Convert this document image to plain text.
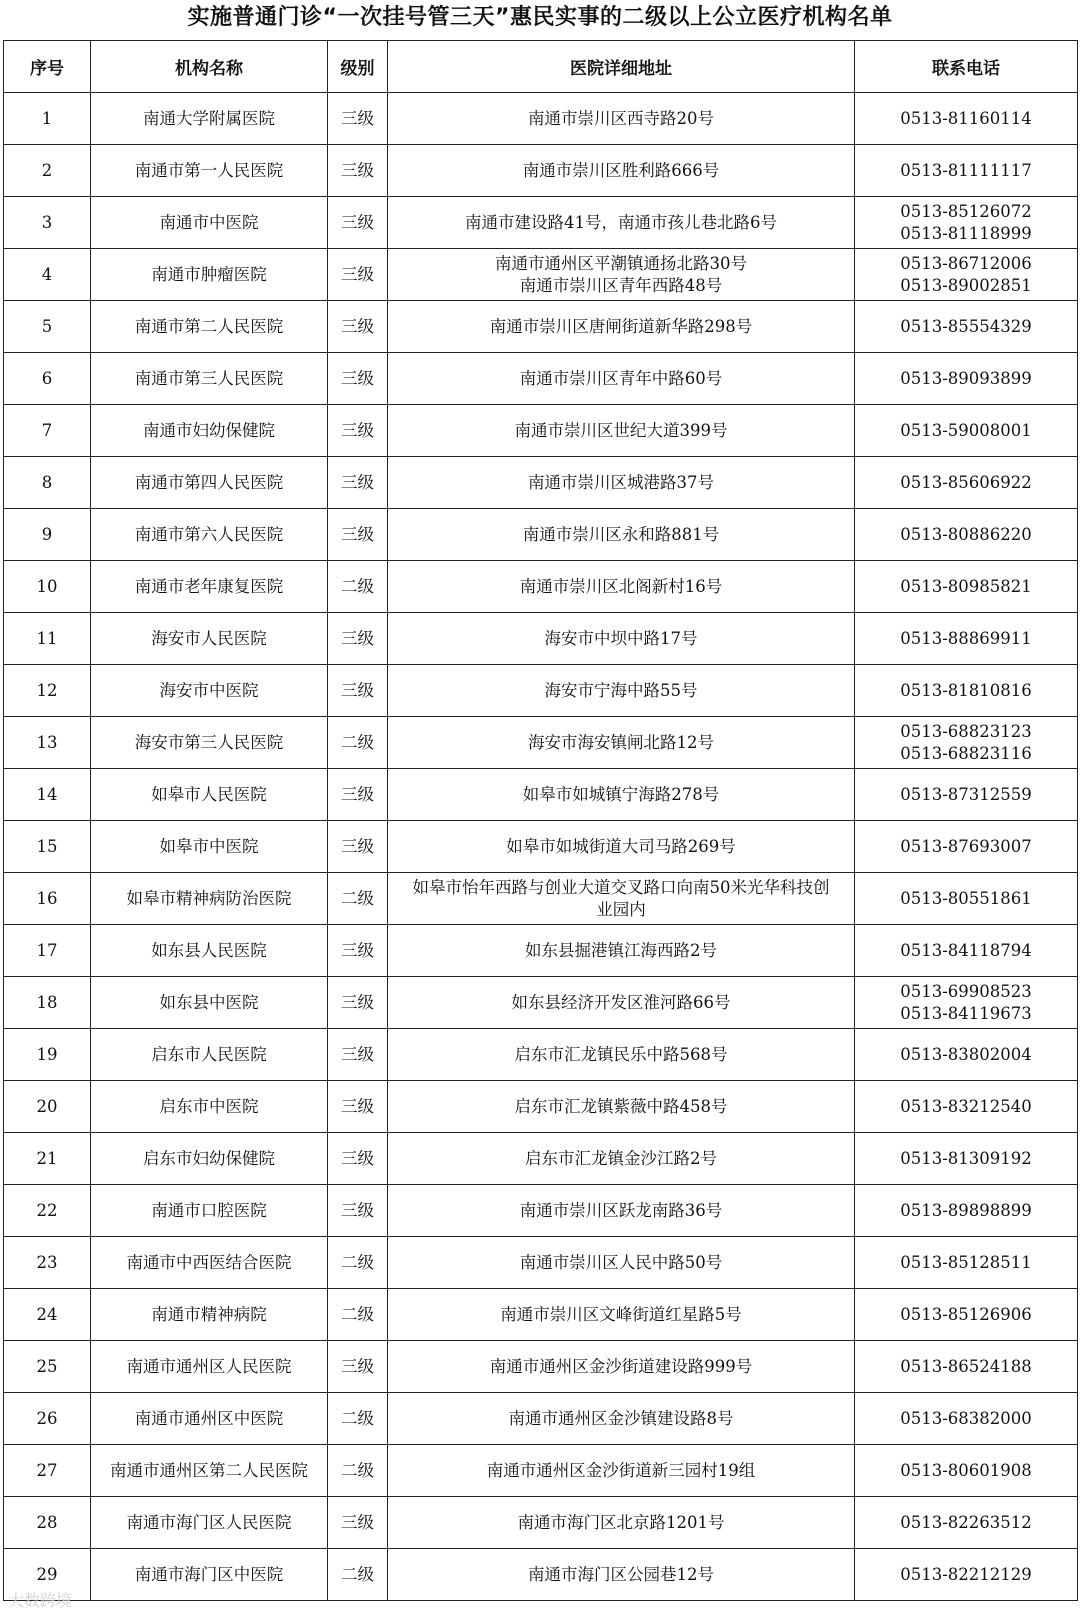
实施普通门诊“一次挂号管三天”惠民实事的二级以上公立医疗机构名单
序号	机构名称	级别	医院详细地址	联系电话
1	南通大学附属医院	三级	南通市崇川区西寺路20号	0513-81160114

2	南通市第一人民医院	三级	南通市崇川区胜利路666号	0513-81111117

3	南通市中医院	三级	南通市建设路41号，南通市孩儿巷北路6号	0513-85126072
0513-81118999

4	南通市肿瘤医院	三级	南通市通州区平潮镇通扬北路30号
南通市崇川区青年西路48号	0513-86712006
0513-89002851

5	南通市第二人民医院	三级	南通市崇川区唐闸街道新华路298号	0513-85554329

6	南通市第三人民医院	三级	南通市崇川区青年中路60号	0513-89093899

7	南通市妇幼保健院	三级	南通市崇川区世纪大道399号	0513-59008001

8	南通市第四人民医院	三级	南通市崇川区城港路37号	0513-85606922

9	南通市第六人民医院	三级	南通市崇川区永和路881号	0513-80886220

10	南通市老年康复医院	二级	南通市崇川区北阁新村16号	0513-80985821

11	海安市人民医院	三级	海安市中坝中路17号	0513-88869911

12	海安市中医院	三级	海安市宁海中路55号	0513-81810816

13	海安市第三人民医院	二级	海安市海安镇闸北路12号	0513-68823123
0513-68823116

14	如皋市人民医院	三级	如皋市如城镇宁海路278号	0513-87312559

15	如皋市中医院	三级	如皋市如城街道大司马路269号	0513-87693007

16	如皋市精神病防治医院	二级	如皋市怡年西路与创业大道交叉路口向南50米光华科技创
业园内	0513-80551861

17	如东县人民医院	三级	如东县掘港镇江海西路2号	0513-84118794

18	如东县中医院	三级	如东县经济开发区淮河路66号	0513-69908523
0513-84119673

19	启东市人民医院	三级	启东市汇龙镇民乐中路568号	0513-83802004

20	启东市中医院	三级	启东市汇龙镇紫薇中路458号	0513-83212540

21	启东市妇幼保健院	三级	启东市汇龙镇金沙江路2号	0513-81309192

22	南通市口腔医院	三级	南通市崇川区跃龙南路36号	0513-89898899

23	南通市中西医结合医院	二级	南通市崇川区人民中路50号	0513-85128511

24	南通市精神病院	二级	南通市崇川区文峰街道红星路5号	0513-85126906

25	南通市通州区人民医院	三级	南通市通州区金沙街道建设路999号	0513-86524188

26	南通市通州区中医院	二级	南通市通州区金沙镇建设路8号	0513-68382000

27	南通市通州区第二人民医院	二级	南通市通州区金沙街道新三园村19组	0513-80601908

28	南通市海门区人民医院	三级	南通市海门区北京路1201号	0513-82263512

29	南通市海门区中医院	二级	南通市海门区公园巷12号	0513-82212129
大数跨境
